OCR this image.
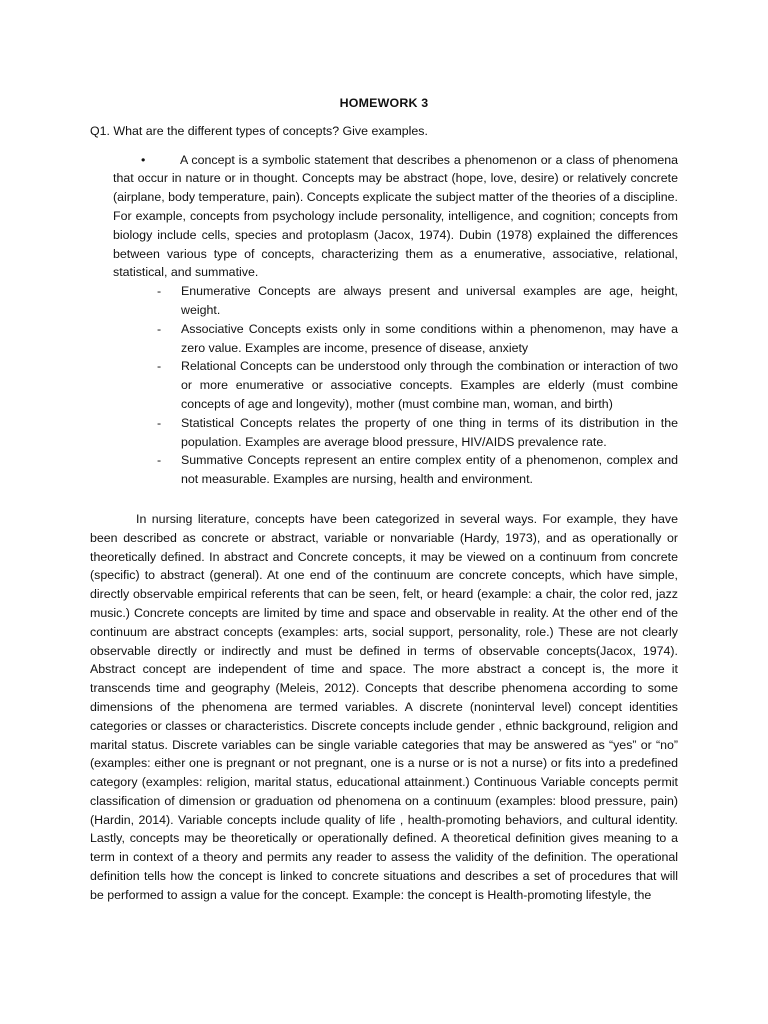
HOMEWORK 3
Q1. What are the different types of concepts? Give examples.
•	A concept is a symbolic statement that describes a phenomenon or a class of phenomena that occur in nature or in thought. Concepts may be abstract (hope, love, desire) or relatively concrete (airplane, body temperature, pain). Concepts explicate the subject matter of the theories of a discipline. For example, concepts from psychology include personality, intelligence, and cognition; concepts from biology include cells, species and protoplasm (Jacox, 1974). Dubin (1978) explained the differences between various type of concepts, characterizing them as a enumerative, associative, relational, statistical, and summative.
- Enumerative Concepts are always present and universal examples are age, height, weight.
- Associative Concepts exists only in some conditions within a phenomenon, may have a zero value. Examples are income, presence of disease, anxiety
- Relational Concepts can be understood only through the combination or interaction of two or more enumerative or associative concepts. Examples are elderly (must combine concepts of age and longevity), mother (must combine man, woman, and birth)
- Statistical Concepts relates the property of one thing in terms of its distribution in the population. Examples are average blood pressure, HIV/AIDS prevalence rate.
- Summative Concepts represent an entire complex entity of a phenomenon, complex and not measurable. Examples are nursing, health and environment.

In nursing literature, concepts have been categorized in several ways. For example, they have been described as concrete or abstract, variable or nonvariable (Hardy, 1973), and as operationally or theoretically defined. In abstract and Concrete concepts, it may be viewed on a continuum from concrete (specific) to abstract (general). At one end of the continuum are concrete concepts, which have simple, directly observable empirical referents that can be seen, felt, or heard (example: a chair, the color red, jazz music.) Concrete concepts are limited by time and space and observable in reality. At the other end of the continuum are abstract concepts (examples: arts, social support, personality, role.) These are not clearly observable directly or indirectly and must be defined in terms of observable concepts(Jacox, 1974). Abstract concept are independent of time and space. The more abstract a concept is, the more it transcends time and geography (Meleis, 2012). Concepts that describe phenomena according to some dimensions of the phenomena are termed variables. A discrete (noninterval level) concept identities categories or classes or characteristics. Discrete concepts include gender , ethnic background, religion and marital status. Discrete variables can be single variable categories that may be answered as “yes” or “no” (examples: either one is pregnant or not pregnant, one is a nurse or is not a nurse) or fits into a predefined category (examples: religion, marital status, educational attainment.) Continuous Variable concepts permit classification of dimension or graduation od phenomena on a continuum (examples: blood pressure, pain) (Hardin, 2014). Variable concepts include quality of life , health-promoting behaviors, and cultural identity. Lastly, concepts may be theoretically or operationally defined. A theoretical definition gives meaning to a term in context of a theory and permits any reader to assess the validity of the definition. The operational definition tells how the concept is linked to concrete situations and describes a set of procedures that will be performed to assign a value for the concept. Example: the concept is Health-promoting lifestyle, the
